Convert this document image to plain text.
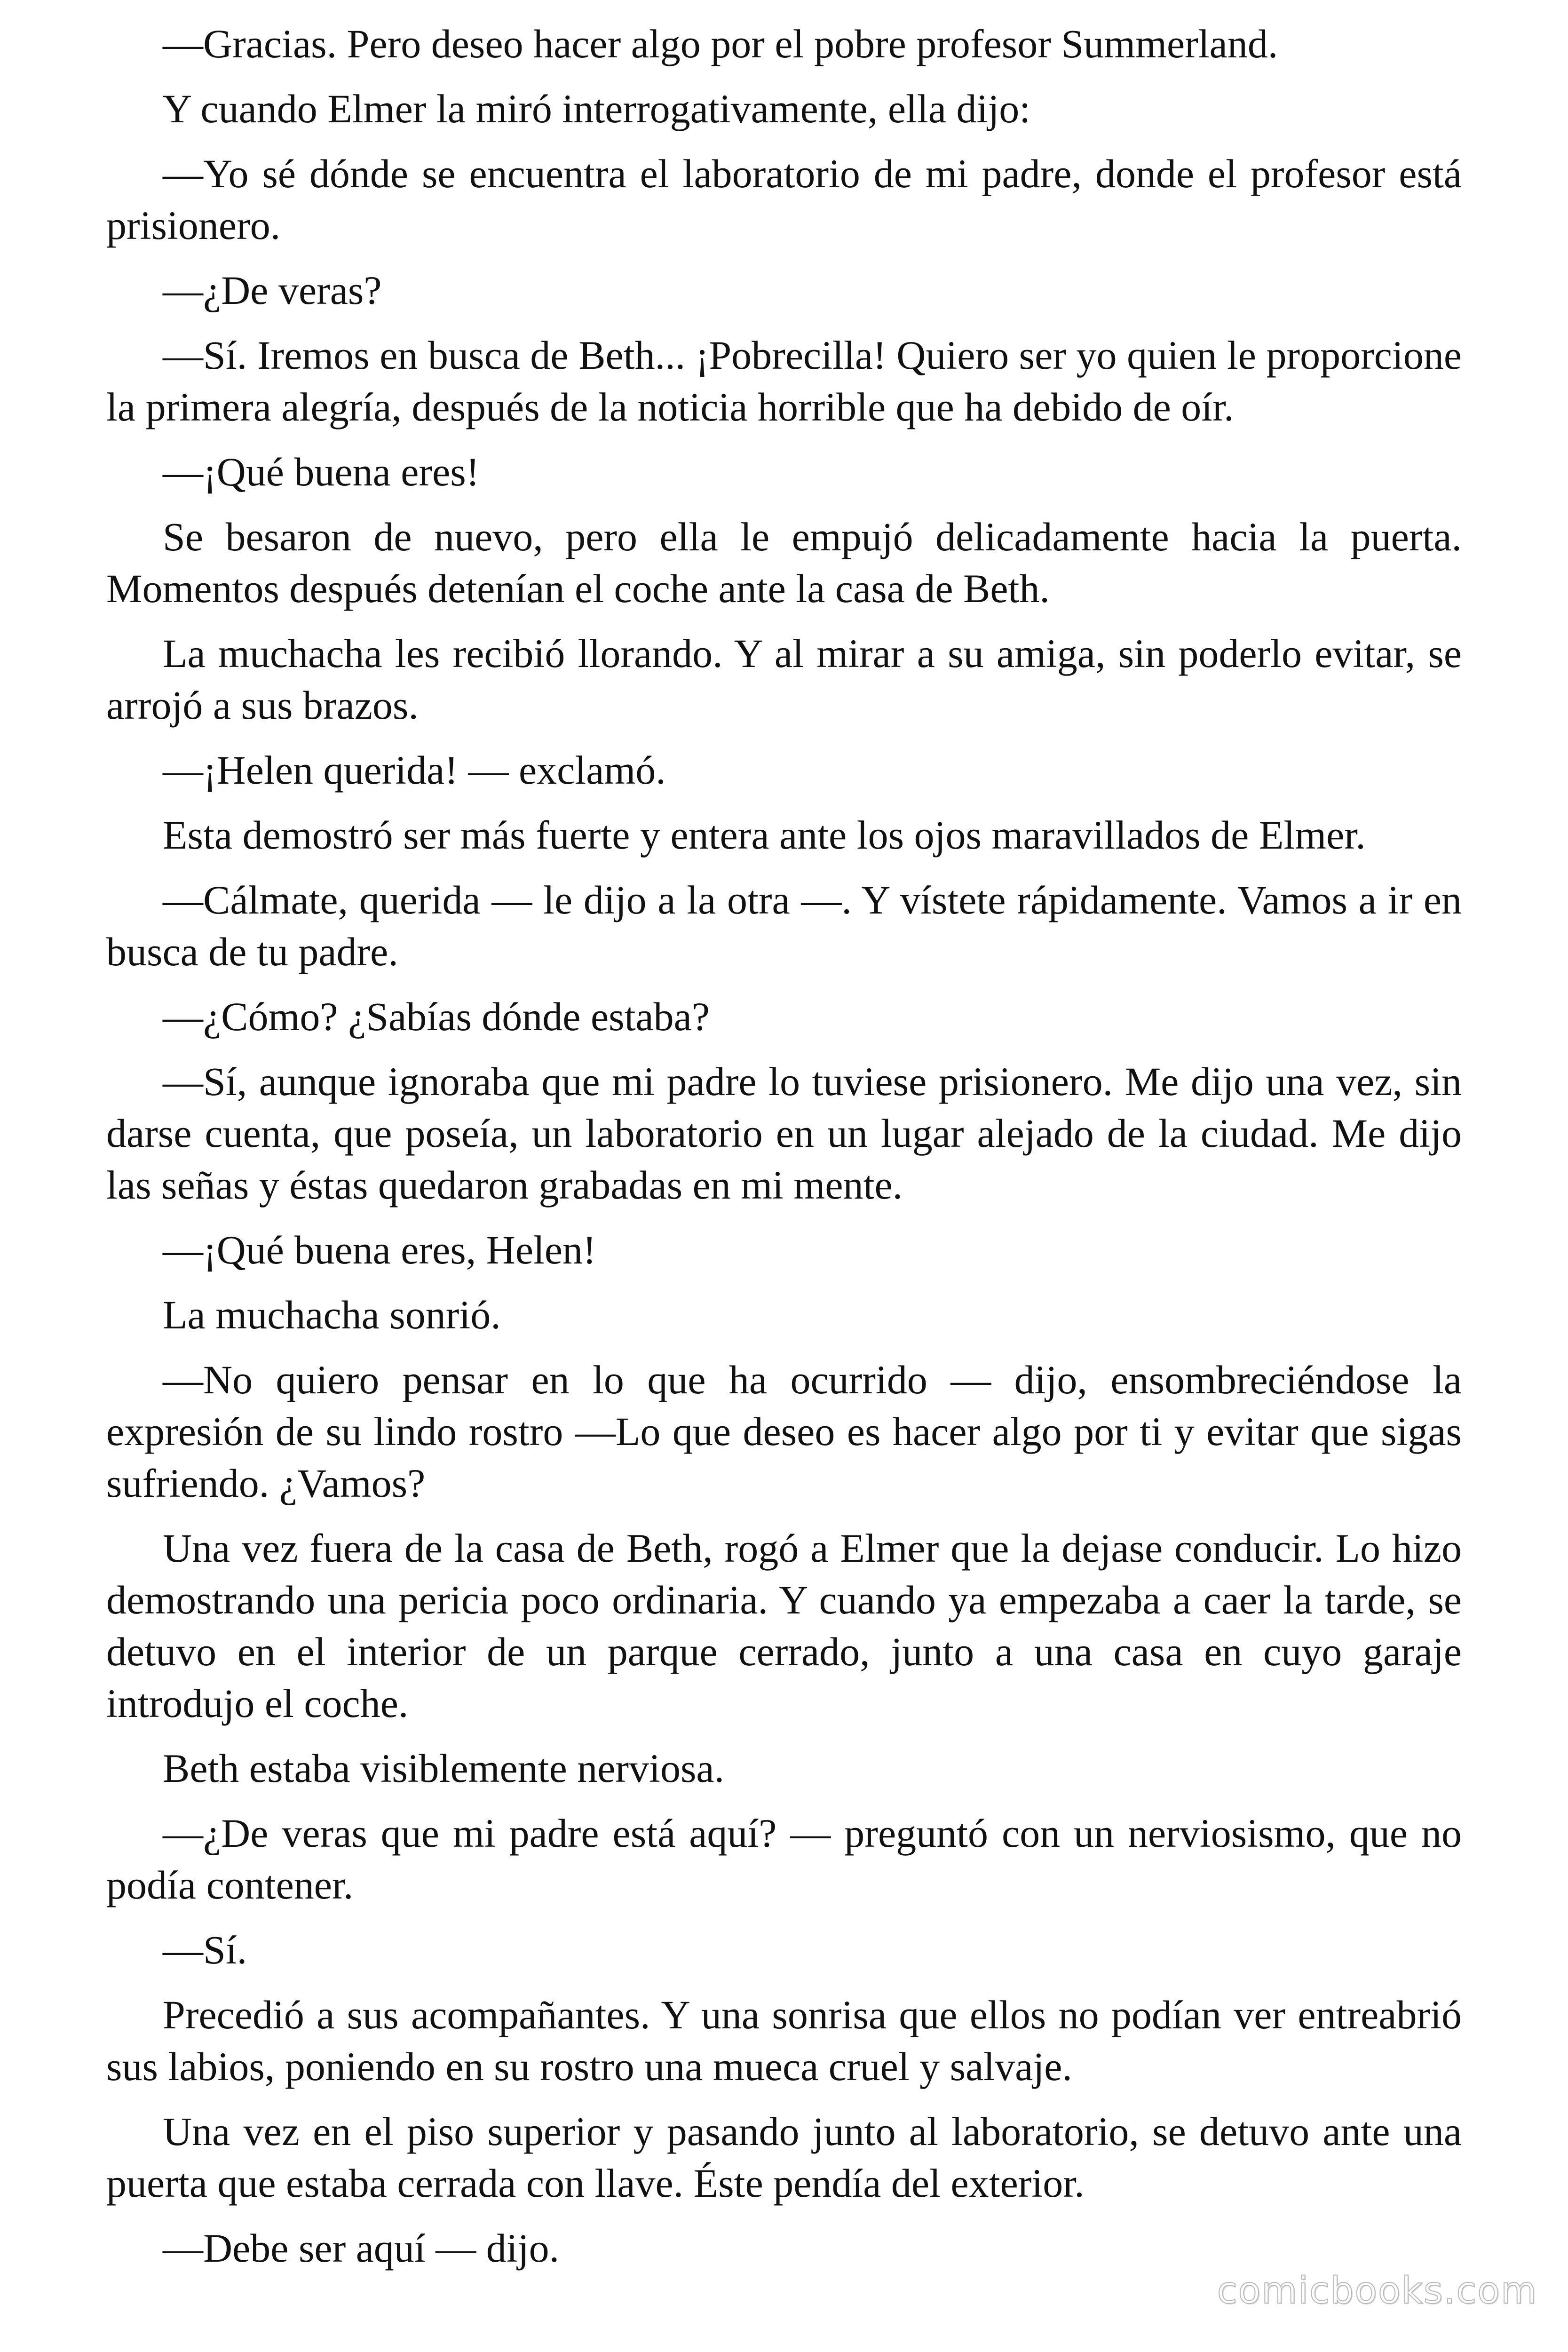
—Gracias. Pero deseo hacer algo por el pobre profesor Summerland.

Y cuando Elmer la miró interrogativamente, ella dijo:

—Yo sé dónde se encuentra el laboratorio de mi padre, donde el profesor está prisionero.

—¿De veras?

—Sí. Iremos en busca de Beth... ¡Pobrecilla! Quiero ser yo quien le proporcione la primera alegría, después de la noticia horrible que ha debido de oír.

—¡Qué buena eres!

Se besaron de nuevo, pero ella le empujó delicadamente hacia la puerta. Momentos después detenían el coche ante la casa de Beth.

La muchacha les recibió llorando. Y al mirar a su amiga, sin poderlo evitar, se arrojó a sus brazos.

—¡Helen querida! — exclamó.

Esta demostró ser más fuerte y entera ante los ojos maravillados de Elmer.

—Cálmate, querida — le dijo a la otra —. Y vístete rápidamente. Vamos a ir en busca de tu padre.

—¿Cómo? ¿Sabías dónde estaba?

—Sí, aunque ignoraba que mi padre lo tuviese prisionero. Me dijo una vez, sin darse cuenta, que poseía, un laboratorio en un lugar alejado de la ciudad. Me dijo las señas y éstas quedaron grabadas en mi mente.

—¡Qué buena eres, Helen!

La muchacha sonrió.

—No quiero pensar en lo que ha ocurrido — dijo, ensombreciéndose la expresión de su lindo rostro —Lo que deseo es hacer algo por ti y evitar que sigas sufriendo. ¿Vamos?

Una vez fuera de la casa de Beth, rogó a Elmer que la dejase conducir. Lo hizo demostrando una pericia poco ordinaria. Y cuando ya empezaba a caer la tarde, se detuvo en el interior de un parque cerrado, junto a una casa en cuyo garaje introdujo el coche.

Beth estaba visiblemente nerviosa.

—¿De veras que mi padre está aquí? — preguntó con un nerviosismo, que no podía contener.

—Sí.

Precedió a sus acompañantes. Y una sonrisa que ellos no podían ver entreabrió sus labios, poniendo en su rostro una mueca cruel y salvaje.

Una vez en el piso superior y pasando junto al laboratorio, se detuvo ante una puerta que estaba cerrada con llave. Éste pendía del exterior.

—Debe ser aquí — dijo.

comicbooks.com
